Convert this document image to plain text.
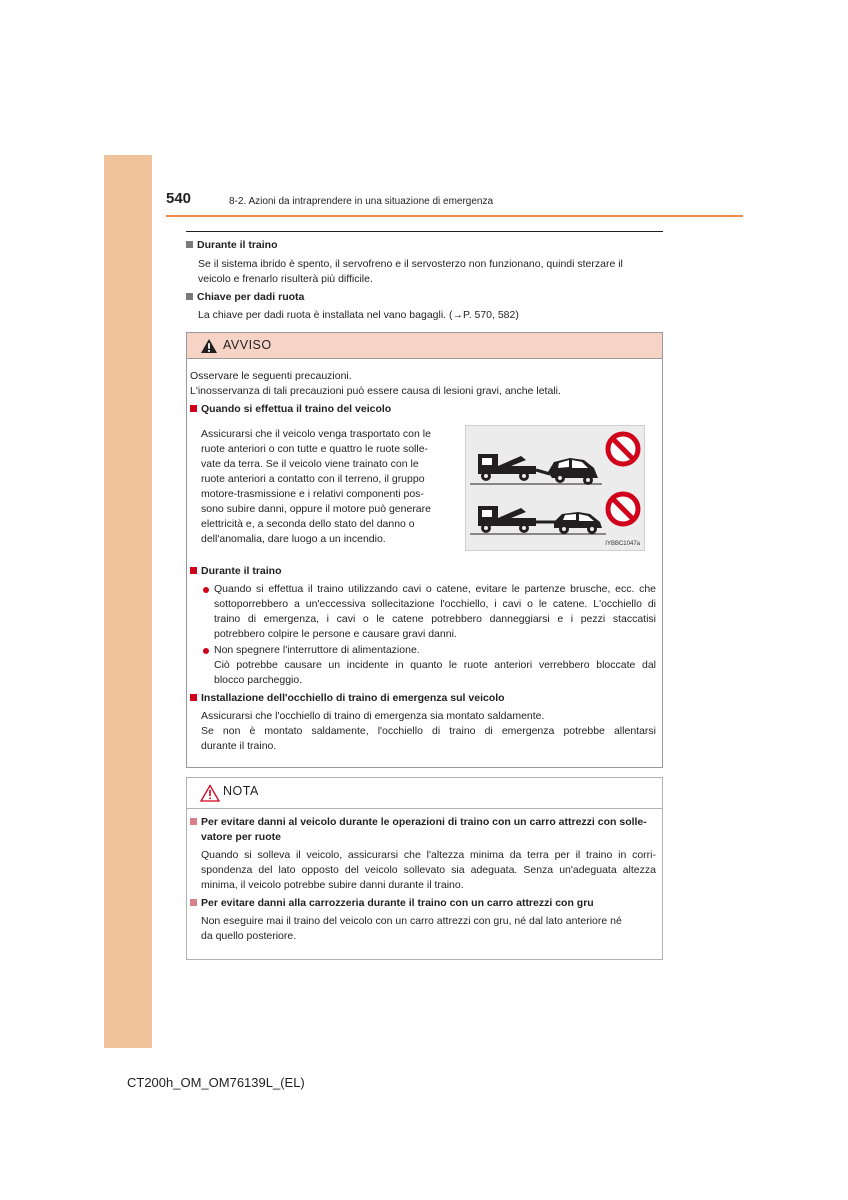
540	8-2. Azioni da intraprendere in una situazione di emergenza
Durante il traino
Se il sistema ibrido è spento, il servofreno e il servosterzo non funzionano, quindi sterzare il
veicolo e frenarlo risulterà più difficile.
Chiave per dadi ruota
La chiave per dadi ruota è installata nel vano bagagli. (→P. 570, 582)
AVVISO
Osservare le seguenti precauzioni.
L'inosservanza di tali precauzioni può essere causa di lesioni gravi, anche letali.
Quando si effettua il traino del veicolo
Assicurarsi che il veicolo venga trasportato con le
ruote anteriori o con tutte e quattro le ruote solle-
vate da terra. Se il veicolo viene trainato con le
ruote anteriori a contatto con il terreno, il gruppo
motore-trasmissione e i relativi componenti pos-
sono subire danni, oppure il motore può generare
elettricità e, a seconda dello stato del danno o
dell'anomalia, dare luogo a un incendio.	IYBBC1047a
Durante il traino
Quando si effettua il traino utilizzando cavi o catene, evitare le partenze brusche, ecc. che
sottoporrebbero a un'eccessiva sollecitazione l'occhiello, i cavi o le catene. L'occhiello di
traino di emergenza, i cavi o le catene potrebbero danneggiarsi e i pezzi staccatisi
potrebbero colpire le persone e causare gravi danni.
Non spegnere l'interruttore di alimentazione.
Ciò potrebbe causare un incidente in quanto le ruote anteriori verrebbero bloccate dal
blocco parcheggio.
Installazione dell'occhiello di traino di emergenza sul veicolo
Assicurarsi che l'occhiello di traino di emergenza sia montato saldamente.
Se non è montato saldamente, l'occhiello di traino di emergenza potrebbe allentarsi
durante il traino.
NOTA
Per evitare danni al veicolo durante le operazioni di traino con un carro attrezzi con solle-
vatore per ruote
Quando si solleva il veicolo, assicurarsi che l'altezza minima da terra per il traino in corri-
spondenza del lato opposto del veicolo sollevato sia adeguata. Senza un'adeguata altezza
minima, il veicolo potrebbe subire danni durante il traino.
Per evitare danni alla carrozzeria durante il traino con un carro attrezzi con gru
Non eseguire mai il traino del veicolo con un carro attrezzi con gru, né dal lato anteriore né
da quello posteriore.
CT200h_OM_OM76139L_(EL)
